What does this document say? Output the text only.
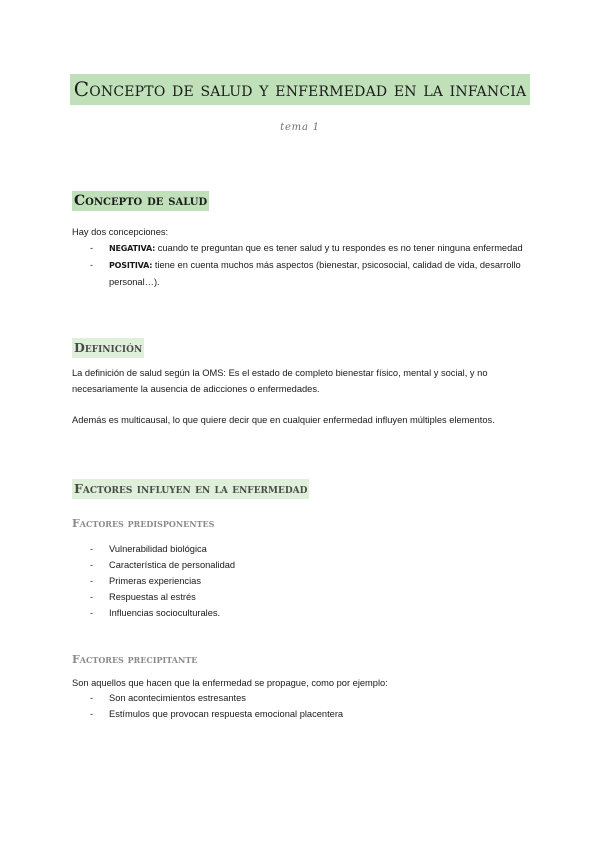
Concepto de salud y enfermedad en la infancia
tema 1
Concepto de salud

Hay dos concepciones:

- NEGATIVA: cuando te preguntan que es tener salud y tu respondes es no tener ninguna enfermedad
- POSITIVA: tiene en cuenta muchos más aspectos (bienestar, psicosocial, calidad de vida, desarrollo personal…).
Definición

La definición de salud según la OMS: Es el estado de completo bienestar físico, mental y social, y no necesariamente la ausencia de adicciones o enfermedades.

Además es multicausal, lo que quiere decir que en cualquier enfermedad influyen múltiples elementos.

Factores influyen en la enfermedad
Factores predisponentes
- Vulnerabilidad biológica
- Característica de personalidad
- Primeras experiencias
- Respuestas al estrés
- Influencias socioculturales.
Factores precipitante

Son aquellos que hacen que la enfermedad se propague, como por ejemplo:

- Son acontecimientos estresantes
- Estímulos que provocan respuesta emocional placentera
